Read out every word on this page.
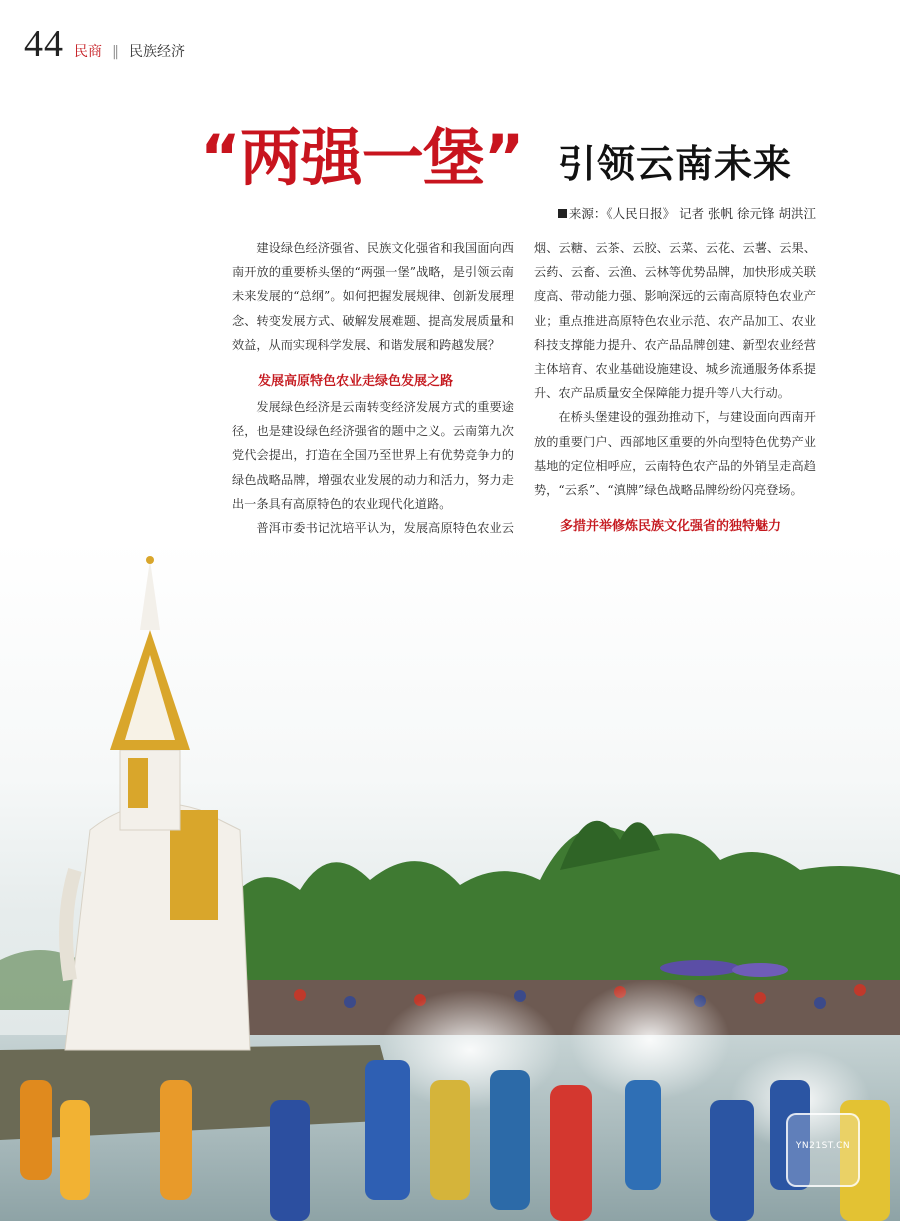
44 民商 ‖ 民族经济
“两强一堡” 引领云南未来
来源：《人民日报》 记者 张帆 徐元锋 胡洪江

建设绿色经济强省、民族文化强省和我国面向西南开放的重要桥头堡的“两强一堡”战略，是引领云南未来发展的“总纲”。如何把握发展规律、创新发展理念、转变发展方式、破解发展难题、提高发展质量和效益，从而实现科学发展、和谐发展和跨越发展？

发展高原特色农业走绿色发展之路

发展绿色经济是云南转变经济发展方式的重要途径，也是建设绿色经济强省的题中之义。云南第九次党代会提出，打造在全国乃至世界上有优势竞争力的绿色战略品牌，增强农业发展的动力和活力，努力走出一条具有高原特色的农业现代化道路。

普洱市委书记沈培平认为，发展高原特色农业云

烟、云糖、云茶、云胶、云菜、云花、云薯、云果、云药、云畜、云渔、云林等优势品牌，加快形成关联度高、带动能力强、影响深远的云南高原特色农业产业；重点推进高原特色农业示范、农产品加工、农业科技支撑能力提升、农产品品牌创建、新型农业经营主体培育、农业基础设施建设、城乡流通服务体系提升、农产品质量安全保障能力提升等八大行动。

在桥头堡建设的强劲推动下，与建设面向西南开放的重要门户、西部地区重要的外向型特色优势产业基地的定位相呼应，云南特色农产品的外销呈走高趋势，“云系”、“滇牌”绿色战略品牌纷纷闪亮登场。

多措并举修炼民族文化强省的独特魅力

YN21ST.CN
